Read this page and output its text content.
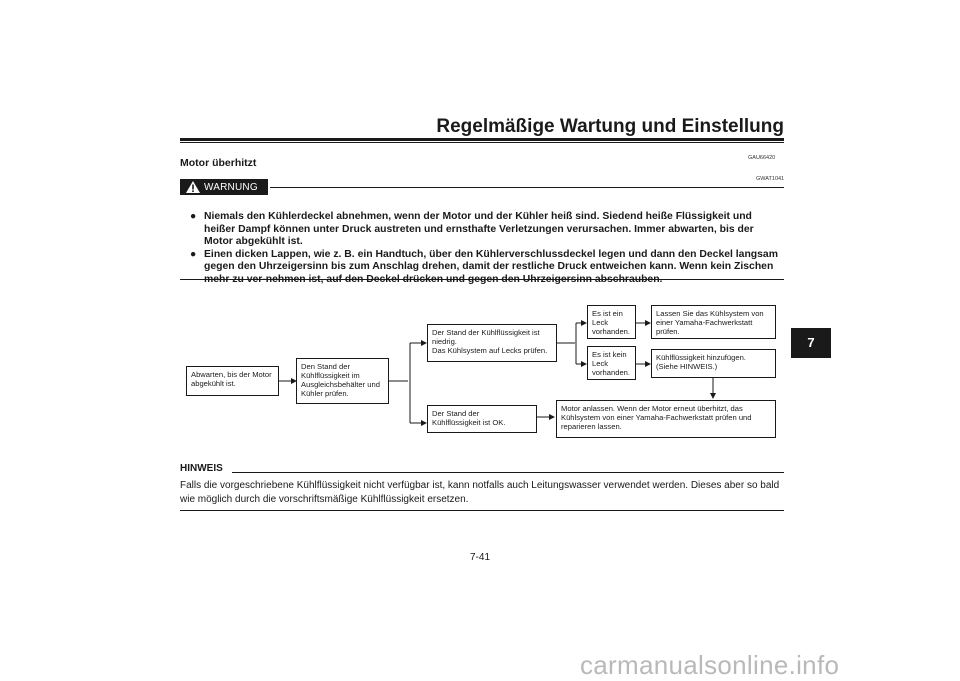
Regelmäßige Wartung und Einstellung
GAU66420
Motor überhitzt
WARNUNG
GWAT1041
● Niemals den Kühlerdeckel abnehmen, wenn der Motor und der Kühler heiß sind. Siedend heiße Flüssigkeit und heißer Dampf können unter Druck austreten und ernsthafte Verletzungen verursachen. Immer abwarten, bis der Motor abgekühlt ist.
● Einen dicken Lappen, wie z. B. ein Handtuch, über den Kühlerverschlussdeckel legen und dann den Deckel langsam gegen den Uhrzeigersinn bis zum Anschlag drehen, damit der restliche Druck entweichen kann. Wenn kein Zischen
Abwarten, bis der Motor
abgekühlt ist.
Den Stand der
Kühlflüssigkeit im
Ausgleichsbehälter und
Kühler prüfen.
Der Stand der Kühlflüssigkeit ist
niedrig.
Das Kühlsystem auf Lecks prüfen.
Der Stand der
Kühlflüssigkeit ist OK.
Es ist ein
Leck
vorhanden.
Es ist kein
Leck
vorhanden.
Lassen Sie das Kühlsystem von
einer Yamaha-Fachwerkstatt
prüfen.
Kühlflüssigkeit hinzufügen.
(Siehe HINWEIS.)
Motor anlassen. Wenn der Motor erneut überhitzt, das
Kühlsystem von einer Yamaha-Fachwerkstatt prüfen und
reparieren lassen.
HINWEIS
Falls die vorgeschriebene Kühlflüssigkeit nicht verfügbar ist, kann notfalls auch Leitungswasser verwendet werden. Dieses aber so bald wie möglich durch die vorschriftsmäßige Kühlflüssigkeit ersetzen.
7-41
7
carmanualsonline.info
